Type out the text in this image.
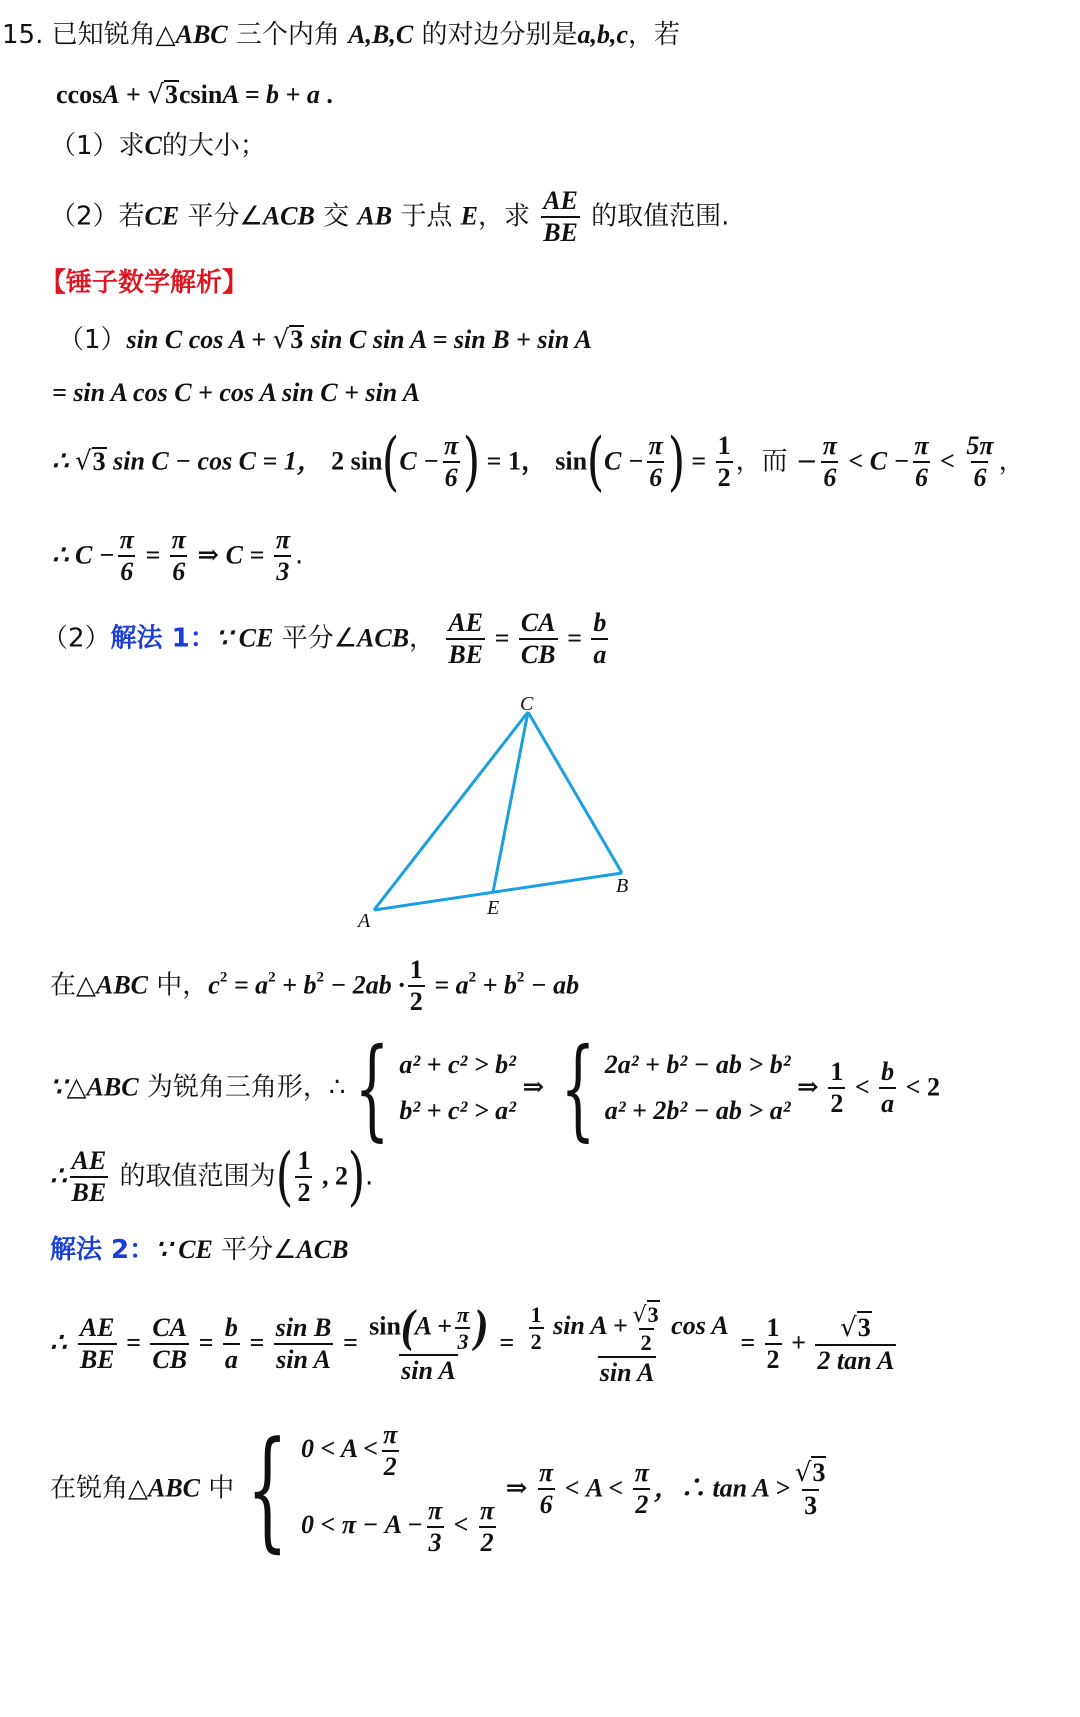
15. 已知锐角△ABC 三个内角 A,B,C 的对边分别是a,b,c，若
ccosA + √3csinA = b + a .
（1）求C的大小；
（2）若CE 平分∠ACB 交 AB 于点 E，求 $\frac{AE}{BE}$ 的取值范围.
【锤子数学解析】
（1）sin C cos A + √3 sin C sin A = sin B + sin A
= sin A cos C + cos A sin C + sin A
∴ √3 sin C − cos C = 1， 2 $\sin(C - \frac{\pi}{6}$ ) = 1， $\sin(C - \frac{\pi}{6}$ ) = $\frac{1}{2}$ ，而 − $\frac{\pi}{6} < C - \frac{\pi}{6} < \frac{5\pi}{6}$ ，
∴ $C - \frac{\pi}{6} = \frac{\pi}{6}$ ⇒ $C = \frac{\pi}{3}$ .
（2）解法 1：∵ CE 平分∠ACB， $\frac{AE}{BE} = \frac{CA}{CB} = \frac{b}{a}$
C
A
B
E
在△ABC 中，$c^2 = a^2 + b^2 - 2ab \cdot \frac{1}{2} = a^2 + b^2$ − ab
∵△ABC 为锐角三角形，∴{ a² + c² > b²
b² + c² > a²
⇒ { 2a² + b² − ab > b²
a² + 2b² − ab > a²
⇒ $\frac{1}{2} < \frac{b}{a} < 2$
∴ $\frac{AE}{BE}$ 的取值范围为( $\frac{1}{2}$ , 2).
解法 2：∵ CE 平分∠ACB
∴ $\frac{AE}{BE} = \frac{CA}{CB} = \frac{b}{a} = \frac{\text{sin B}}{\text{sin A}} = \frac{\sin(A + \frac{\pi}{3} )}{\text{sin A}} = \frac{\frac{1}{2} \sin A + \frac{√3}{2} \cos A}{\text{sin A}} = \frac{1}{2} + \frac{√3}{\text{2 tan A}}$
在锐角△ABC 中{ $0 < A < \frac{\pi}{2}$
$0 < \pi - A - \frac{\pi}{3} < \frac{\pi}{2}$
⇒ $\frac{\pi}{6} < A < \frac{\pi}{2}$ ，∴ $\tan A > \frac{√3}{3}$
